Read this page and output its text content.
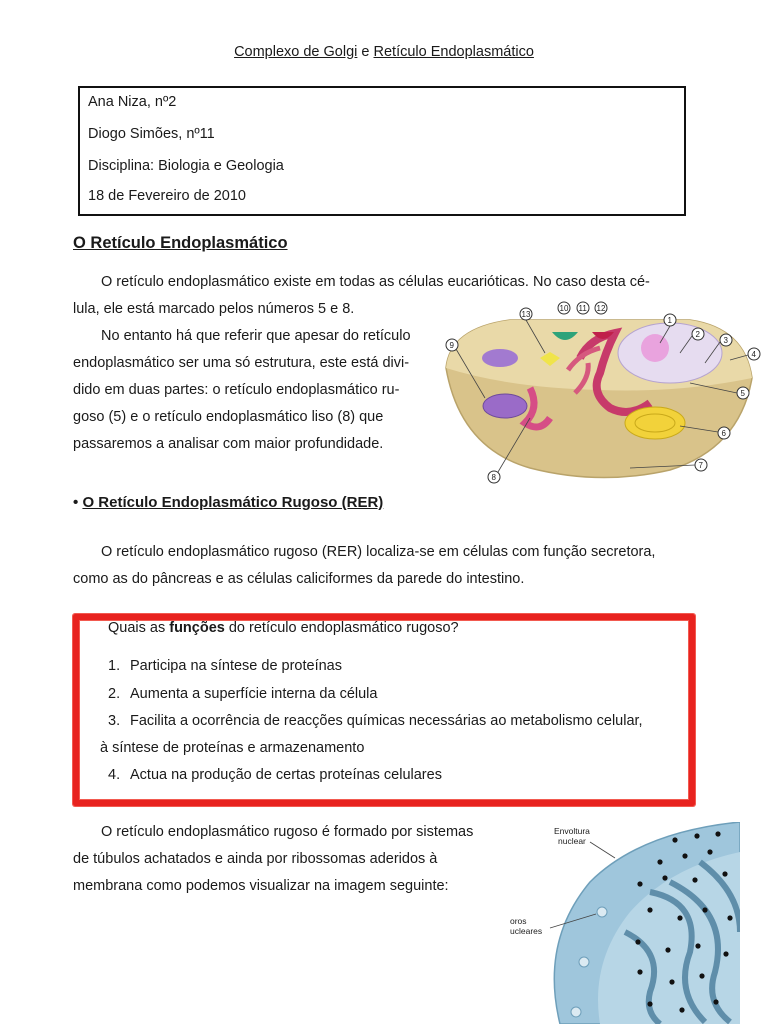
Complexo de Golgi e Retículo Endoplasmático
Ana Niza, nº2
Diogo Simões, nº11
Disciplina: Biologia e Geologia
18 de Fevereiro de 2010
O Retículo Endoplasmático
O retículo endoplasmático existe em todas as células eucarióticas. No caso desta cé-
lula, ele está marcado pelos números 5 e 8.
No entanto há que referir que apesar do retículo
endoplasmático ser uma só estrutura, este está divi-
dido em duas partes: o retículo endoplasmático ru-
goso (5) e o retículo endoplasmático liso (8) que
passaremos a analisar com maior profundidade.
1
2
3
4
5
6
7
8
9
10 11 12
13
• O Retículo Endoplasmático Rugoso (RER)
O retículo endoplasmático rugoso (RER) localiza-se em células com função secretora,
como as do pâncreas e as células caliciformes da parede do intestino.
Quais as funções do retículo endoplasmático rugoso?
1. Participa na síntese de proteínas
2. Aumenta a superfície interna da célula
3. Facilita a ocorrência de reacções químicas necessárias ao metabolismo celular,
à síntese de proteínas e armazenamento
4. Actua na produção de certas proteínas celulares
O retículo endoplasmático rugoso é formado por sistemas
de túbulos achatados e ainda por ribossomas aderidos à
membrana como podemos visualizar na imagem seguinte:
Envoltura
nuclear
oros
ucleares
